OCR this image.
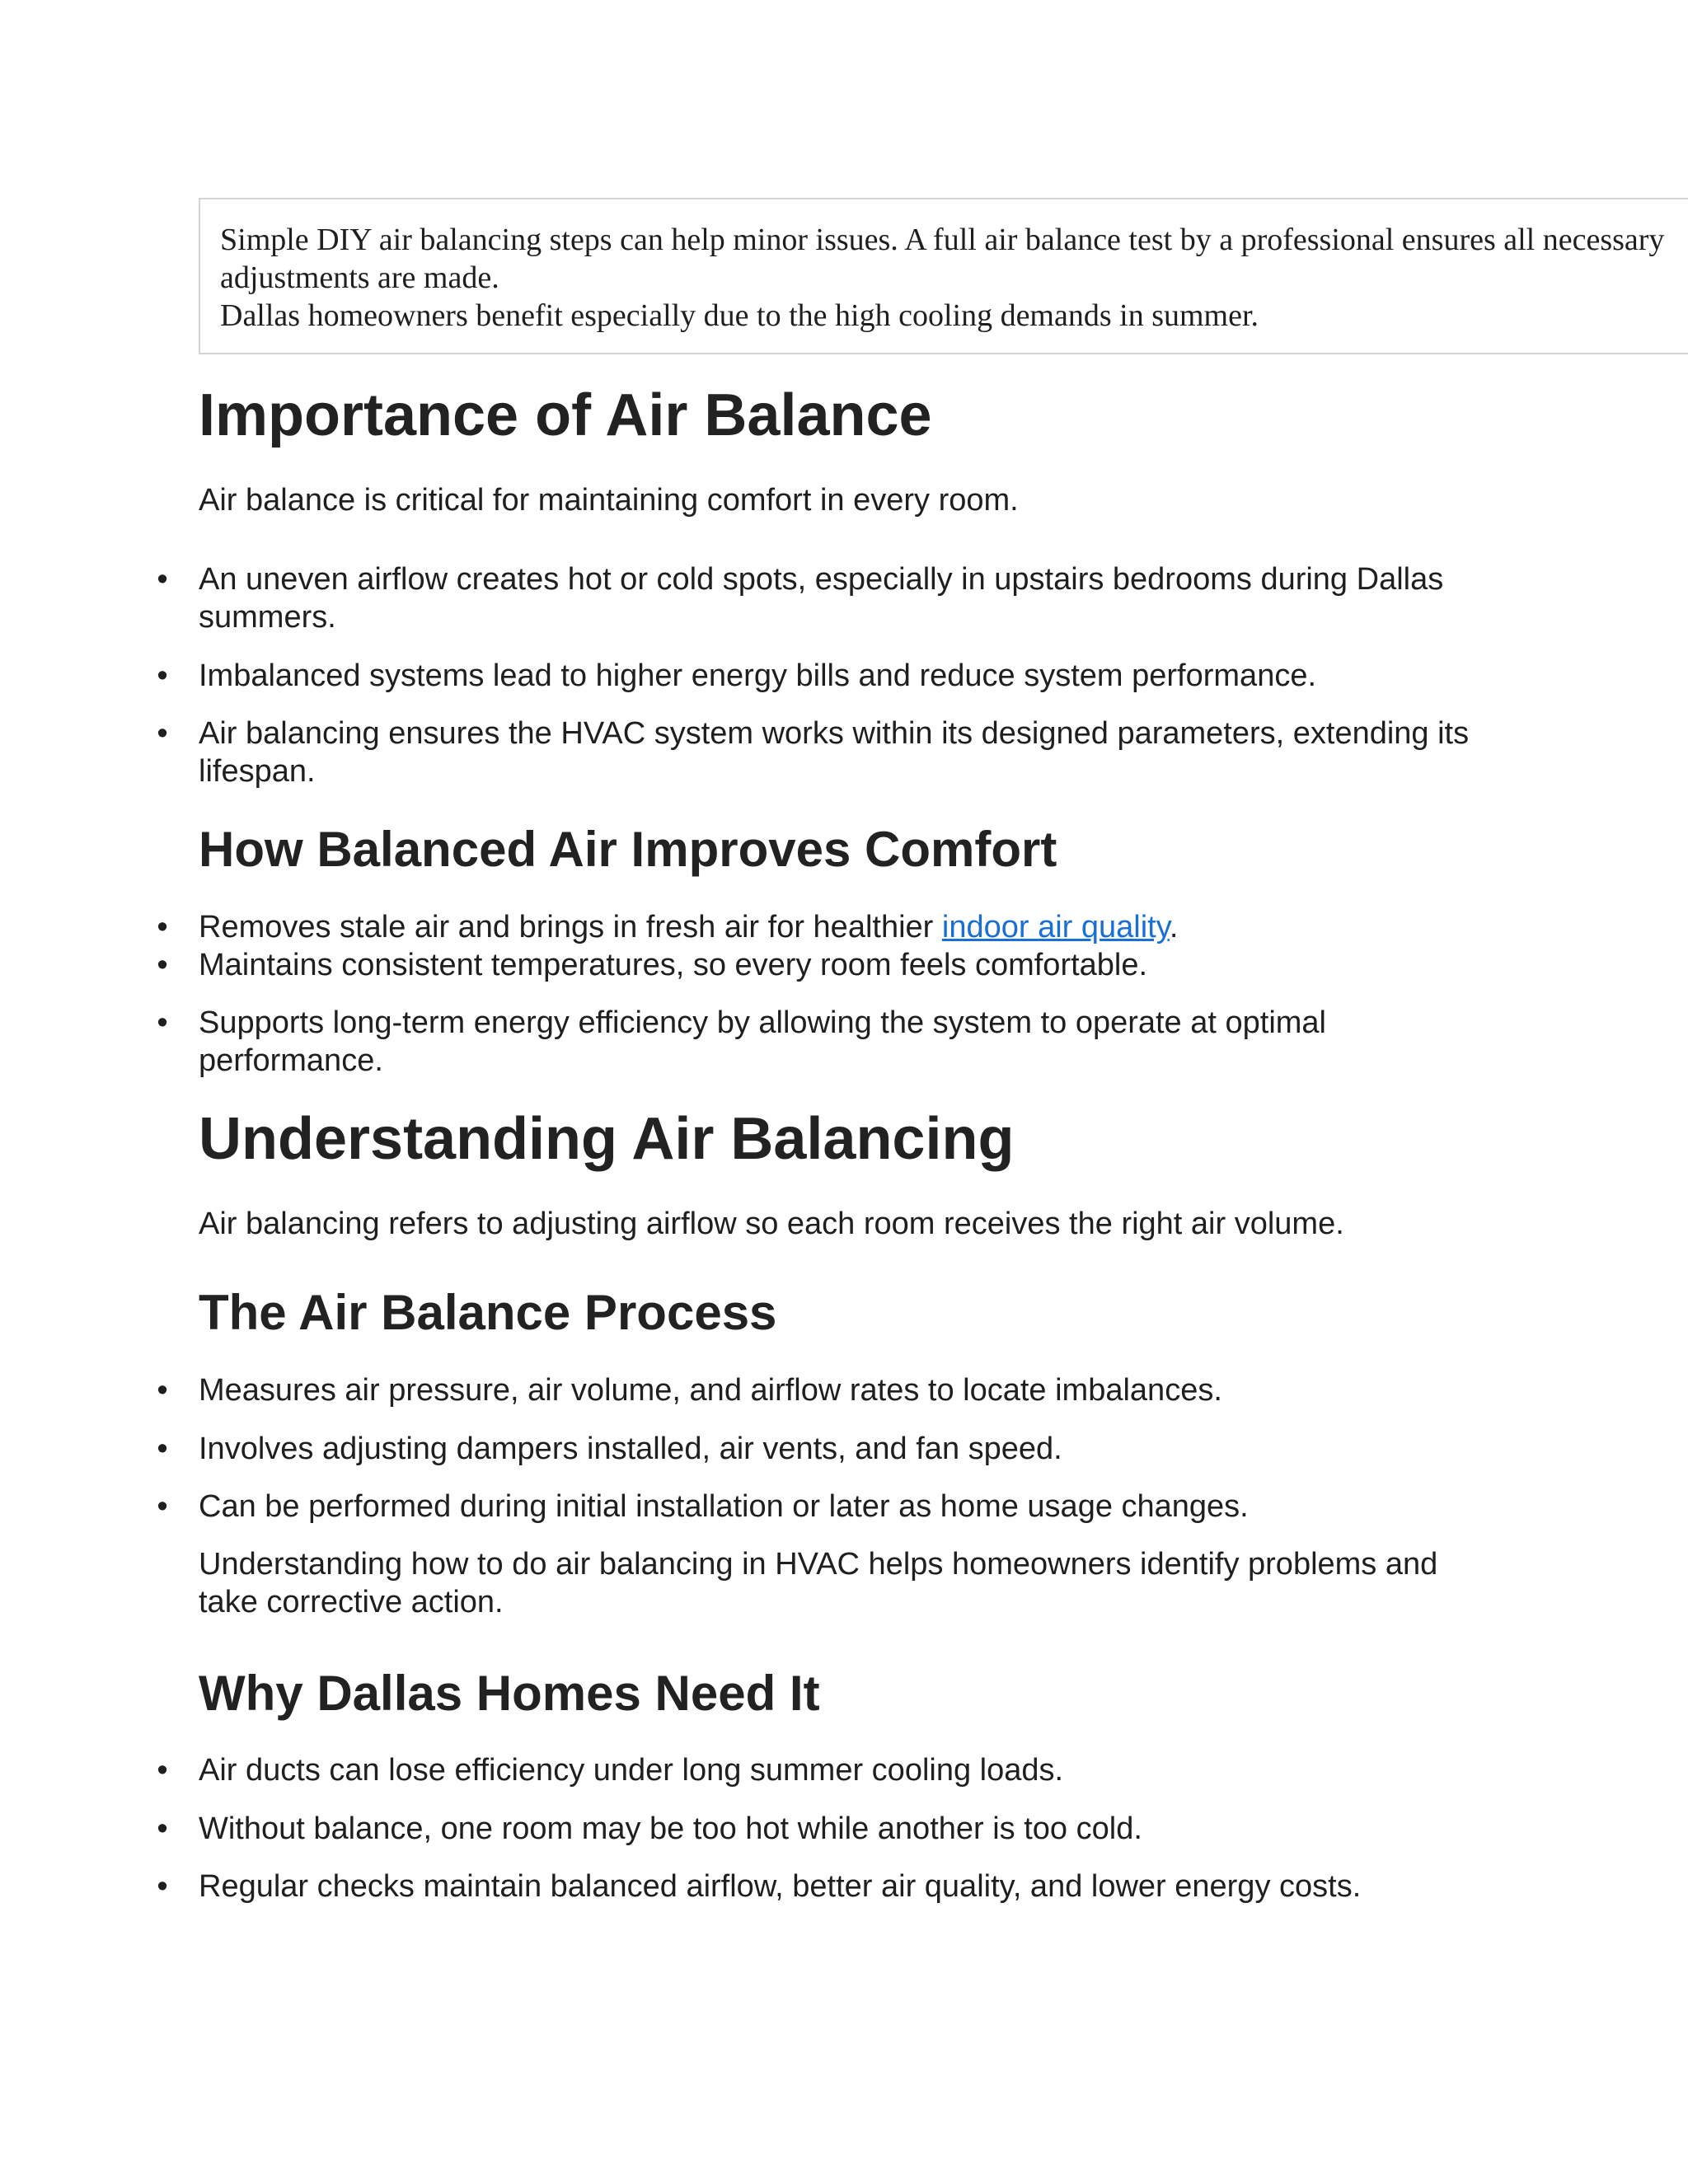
Simple DIY air balancing steps can help minor issues. A full air balance test by a professional ensures all necessary

adjustments are made.

Dallas homeowners benefit especially due to the high cooling demands in summer.

Importance of Air Balance

Air balance is critical for maintaining comfort in every room.

• An uneven airflow creates hot or cold spots, especially in upstairs bedrooms during Dallas summers.
• Imbalanced systems lead to higher energy bills and reduce system performance.
• Air balancing ensures the HVAC system works within its designed parameters, extending its lifespan.
How Balanced Air Improves Comfort
• Removes stale air and brings in fresh air for healthier indoor air quality.
• Maintains consistent temperatures, so every room feels comfortable.
• Supports long-term energy efficiency by allowing the system to operate at optimal performance.
Understanding Air Balancing

Air balancing refers to adjusting airflow so each room receives the right air volume.

The Air Balance Process
• Measures air pressure, air volume, and airflow rates to locate imbalances.
• Involves adjusting dampers installed, air vents, and fan speed.
• Can be performed during initial installation or later as home usage changes.

Understanding how to do air balancing in HVAC helps homeowners identify problems and take corrective action.

Why Dallas Homes Need It
• Air ducts can lose efficiency under long summer cooling loads.
• Without balance, one room may be too hot while another is too cold.
• Regular checks maintain balanced airflow, better air quality, and lower energy costs.
